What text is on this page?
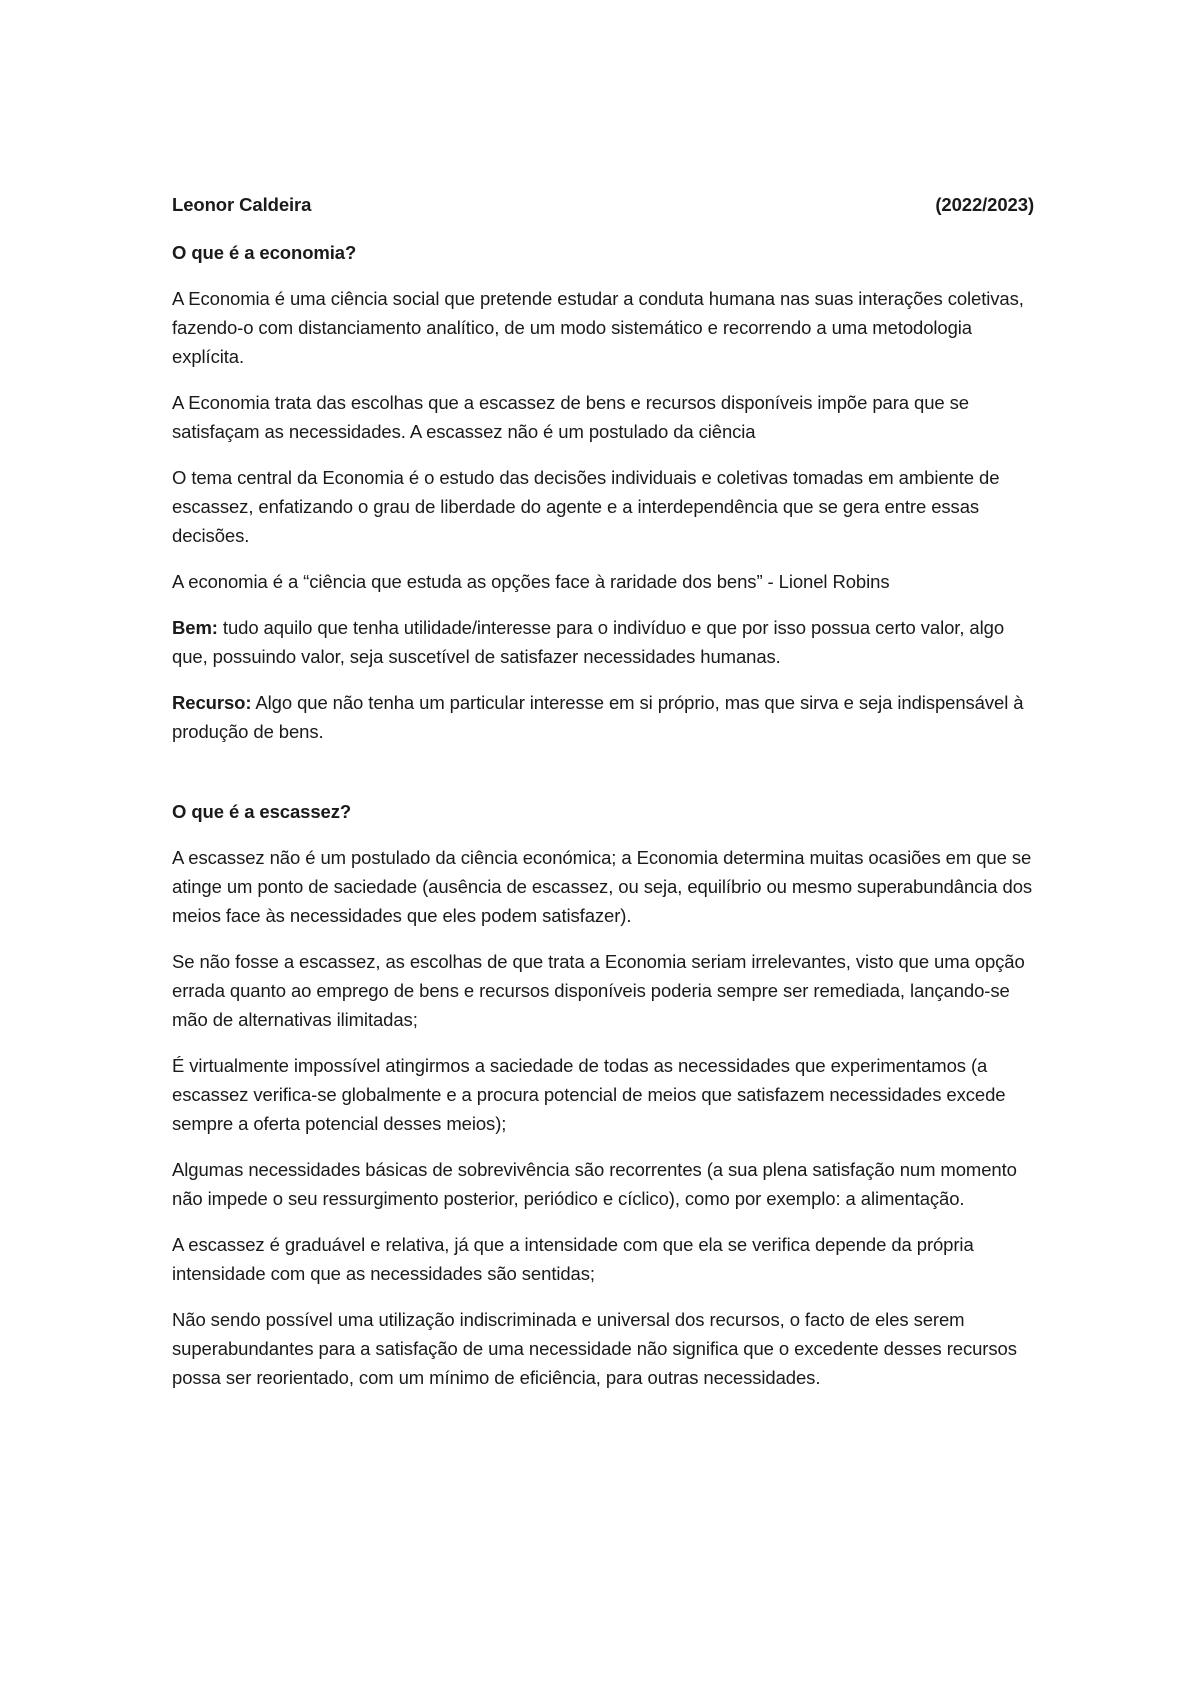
Leonor Caldeira	(2022/2023)
O que é a economia?

A Economia é uma ciência social que pretende estudar a conduta humana nas suas interações coletivas, fazendo-o com distanciamento analítico, de um modo sistemático e recorrendo a uma metodologia explícita.

A Economia trata das escolhas que a escassez de bens e recursos disponíveis impõe para que se satisfaçam as necessidades. A escassez não é um postulado da ciência

O tema central da Economia é o estudo das decisões individuais e coletivas tomadas em ambiente de escassez, enfatizando o grau de liberdade do agente e a interdependência que se gera entre essas decisões.

A economia é a “ciência que estuda as opções face à raridade dos bens” - Lionel Robins

Bem: tudo aquilo que tenha utilidade/interesse para o indivíduo e que por isso possua certo valor, algo que, possuindo valor, seja suscetível de satisfazer necessidades humanas.

Recurso: Algo que não tenha um particular interesse em si próprio, mas que sirva e seja indispensável à produção de bens.

O que é a escassez?

A escassez não é um postulado da ciência económica; a Economia determina muitas ocasiões em que se atinge um ponto de saciedade (ausência de escassez, ou seja, equilíbrio ou mesmo superabundância dos meios face às necessidades que eles podem satisfazer).

Se não fosse a escassez, as escolhas de que trata a Economia seriam irrelevantes, visto que uma opção errada quanto ao emprego de bens e recursos disponíveis poderia sempre ser remediada, lançando-se mão de alternativas ilimitadas;

É virtualmente impossível atingirmos a saciedade de todas as necessidades que experimentamos (a escassez verifica-se globalmente e a procura potencial de meios que satisfazem necessidades excede sempre a oferta potencial desses meios);

Algumas necessidades básicas de sobrevivência são recorrentes (a sua plena satisfação num momento não impede o seu ressurgimento posterior, periódico e cíclico), como por exemplo: a alimentação.

A escassez é graduável e relativa, já que a intensidade com que ela se verifica depende da própria intensidade com que as necessidades são sentidas;

Não sendo possível uma utilização indiscriminada e universal dos recursos, o facto de eles serem superabundantes para a satisfação de uma necessidade não significa que o excedente desses recursos possa ser reorientado, com um mínimo de eficiência, para outras necessidades.
